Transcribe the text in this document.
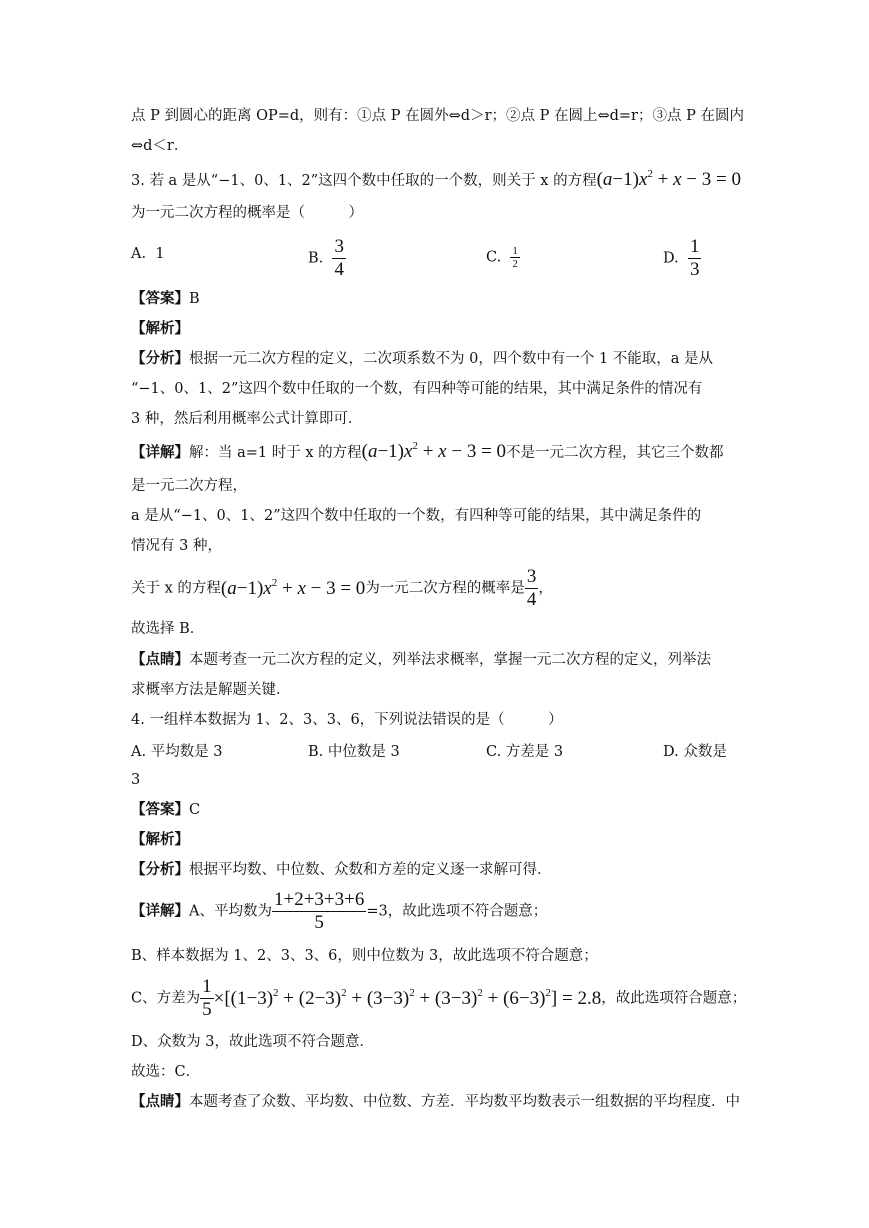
点 P 到圆心的距离 OP=d，则有：①点 P 在圆外⇔d＞r；②点 P 在圆上⇔d=r；③点 P 在圆内
⇔d＜r．
3. 若 a 是从“−1、0、1、2”这四个数中任取的一个数，则关于 x 的方程$(a-1)x^2 + x - 3 = 0$
为一元二次方程的概率是（　　　）
A. 1	B. $\frac{3}{4}$	C. $\frac{1}{2}$	D. $\frac{1}{3}$
【答案】B
【解析】
【分析】根据一元二次方程的定义，二次项系数不为 0，四个数中有一个 1 不能取，a 是从
“−1、0、1、2”这四个数中任取的一个数，有四种等可能的结果，其中满足条件的情况有
3 种，然后利用概率公式计算即可．
【详解】解：当 a=1 时于 x 的方程$(a-1)x^2 + x - 3 = 0$不是一元二次方程，其它三个数都
是一元二次方程，
a 是从“−1、0、1、2”这四个数中任取的一个数，有四种等可能的结果，其中满足条件的
情况有 3 种，
关于 x 的方程$(a-1)x^2 + x - 3 = 0$为一元二次方程的概率是 $\frac{3}{4}$ ，
故选择 B．
【点睛】本题考查一元二次方程的定义，列举法求概率，掌握一元二次方程的定义，列举法
求概率方法是解题关键．
4. 一组样本数据为 1、2、3、3、6，下列说法错误的是（　　　）
A. 平均数是 3	B. 中位数是 3	C. 方差是 3	D. 众数是
3
【答案】C
【解析】
【分析】根据平均数、中位数、众数和方差的定义逐一求解可得．
【详解】A、平均数为 $\frac{1+2+3+3+6}{5} =3$，故此选项不符合题意；
B、样本数据为 1、2、3、3、6，则中位数为 3，故此选项不符合题意；
C、方差为 $\frac{1}{5} \times[(1-3)^2 + (2-3)^2 + (3-3)^2 + (3-3)^2 + (6-3)^2] = 2.8$，故此选项符合题意；
D、众数为 3，故此选项不符合题意．
故选：C．
【点睛】本题考查了众数、平均数、中位数、方差．平均数平均数表示一组数据的平均程度．中
